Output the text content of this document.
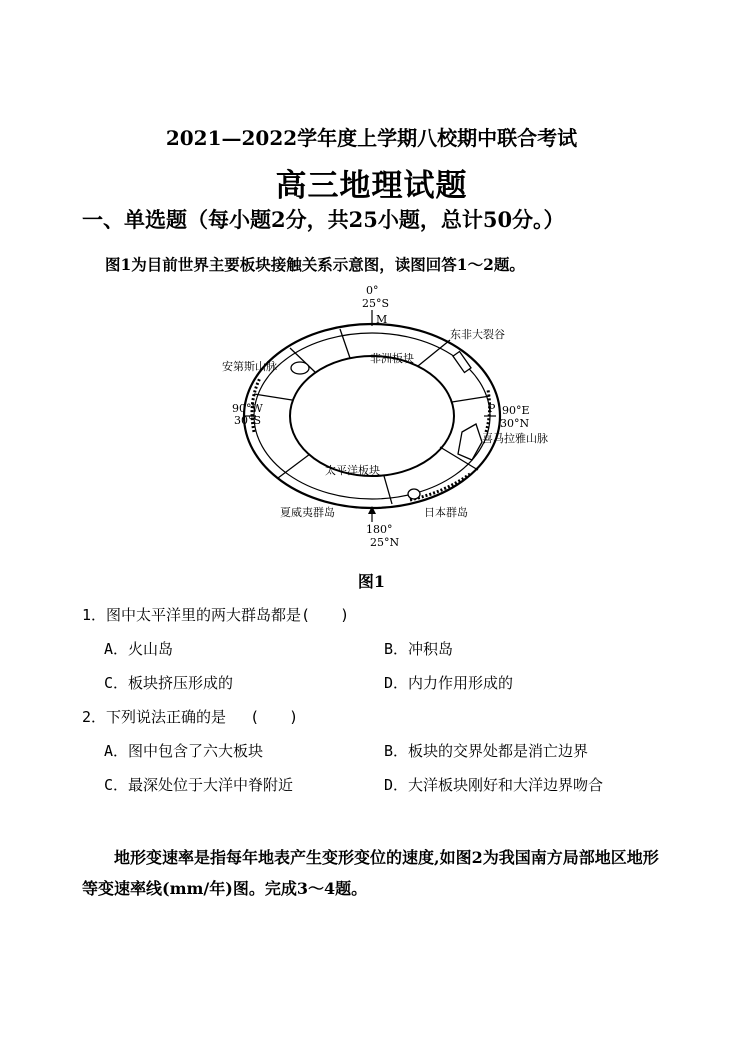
2021—2022学年度上学期八校期中联合考试
高三地理试题
一、单选题（每小题2分，共25小题，总计50分。）
图1为目前世界主要板块接触关系示意图，读图回答1～2题。
0°
25°S
M
东非大裂谷
非洲板块
安第斯山脉
90°W
30°S
P 90°E
30°N
喜马拉雅山脉
太平洋板块
夏威夷群岛	日本群岛
180°
25°N
图1
1．图中太平洋里的两大群岛都是(　　)
A．火山岛	B．冲积岛
C．板块挤压形成的	D．内力作用形成的
2．下列说法正确的是　 (　　)
A．图中包含了六大板块	B．板块的交界处都是消亡边界
C．最深处位于大洋中脊附近	D．大洋板块刚好和大洋边界吻合
地形变速率是指每年地表产生变形变位的速度,如图2为我国南方局部地区地形等变速率线(mm/年)图。完成3～4题。
